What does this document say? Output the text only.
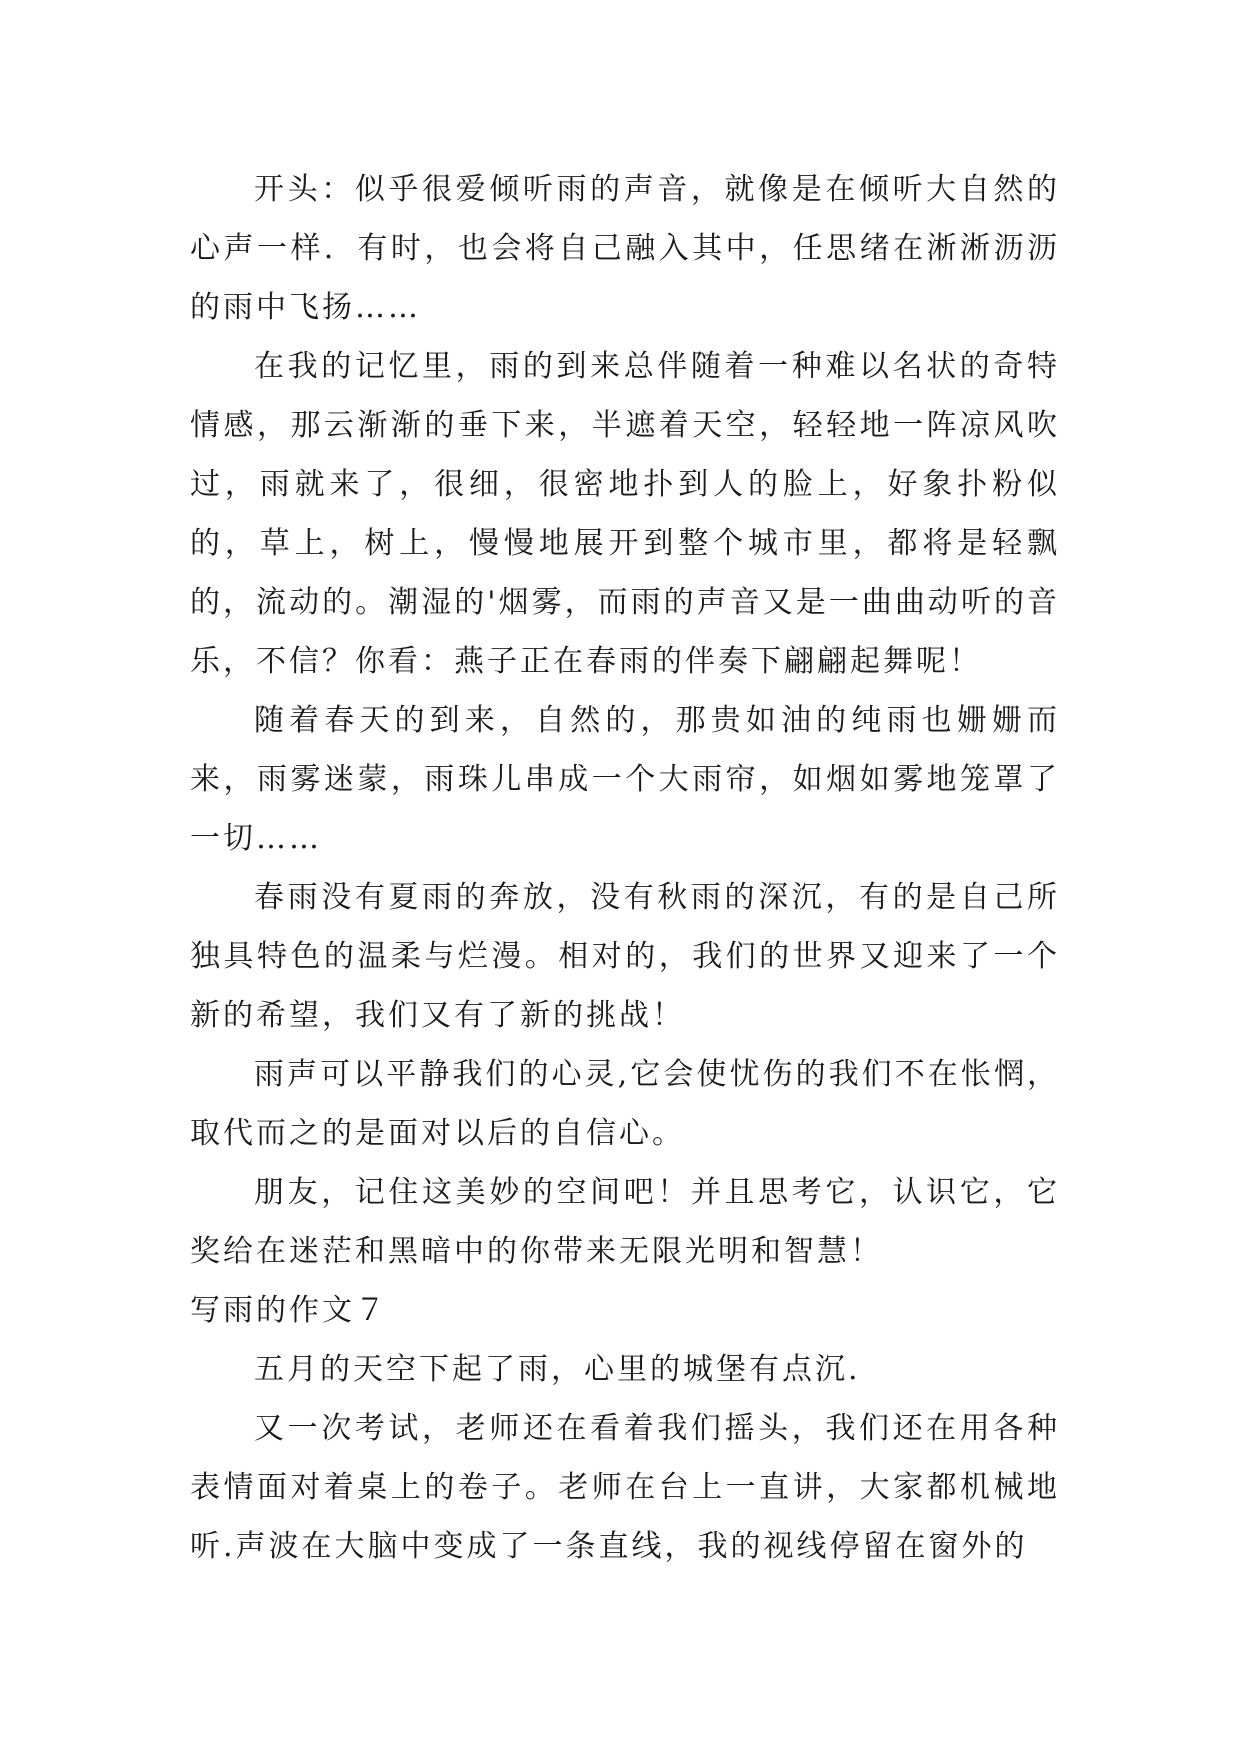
开头：似乎很爱倾听雨的声音，就像是在倾听大自然的心声一样．有时，也会将自己融入其中，任思绪在淅淅沥沥的雨中飞扬……

在我的记忆里，雨的到来总伴随着一种难以名状的奇特情感，那云渐渐的垂下来，半遮着天空，轻轻地一阵凉风吹过，雨就来了，很细，很密地扑到人的脸上，好象扑粉似的，草上，树上，慢慢地展开到整个城市里，都将是轻飘的，流动的。潮湿的'烟雾，而雨的声音又是一曲曲动听的音乐，不信？你看：燕子正在春雨的伴奏下翩翩起舞呢！

随着春天的到来，自然的，那贵如油的纯雨也姗姗而来，雨雾迷蒙，雨珠儿串成一个大雨帘，如烟如雾地笼罩了一切……

春雨没有夏雨的奔放，没有秋雨的深沉，有的是自己所独具特色的温柔与烂漫。相对的，我们的世界又迎来了一个新的希望，我们又有了新的挑战！

雨声可以平静我们的心灵,它会使忧伤的我们不在怅惘，取代而之的是面对以后的自信心。

朋友，记住这美妙的空间吧！并且思考它，认识它，它奖给在迷茫和黑暗中的你带来无限光明和智慧！

写雨的作文７

五月的天空下起了雨，心里的城堡有点沉.

又一次考试，老师还在看着我们摇头，我们还在用各种表情面对着桌上的卷子。老师在台上一直讲，大家都机械地听.声波在大脑中变成了一条直线，我的视线停留在窗外的
